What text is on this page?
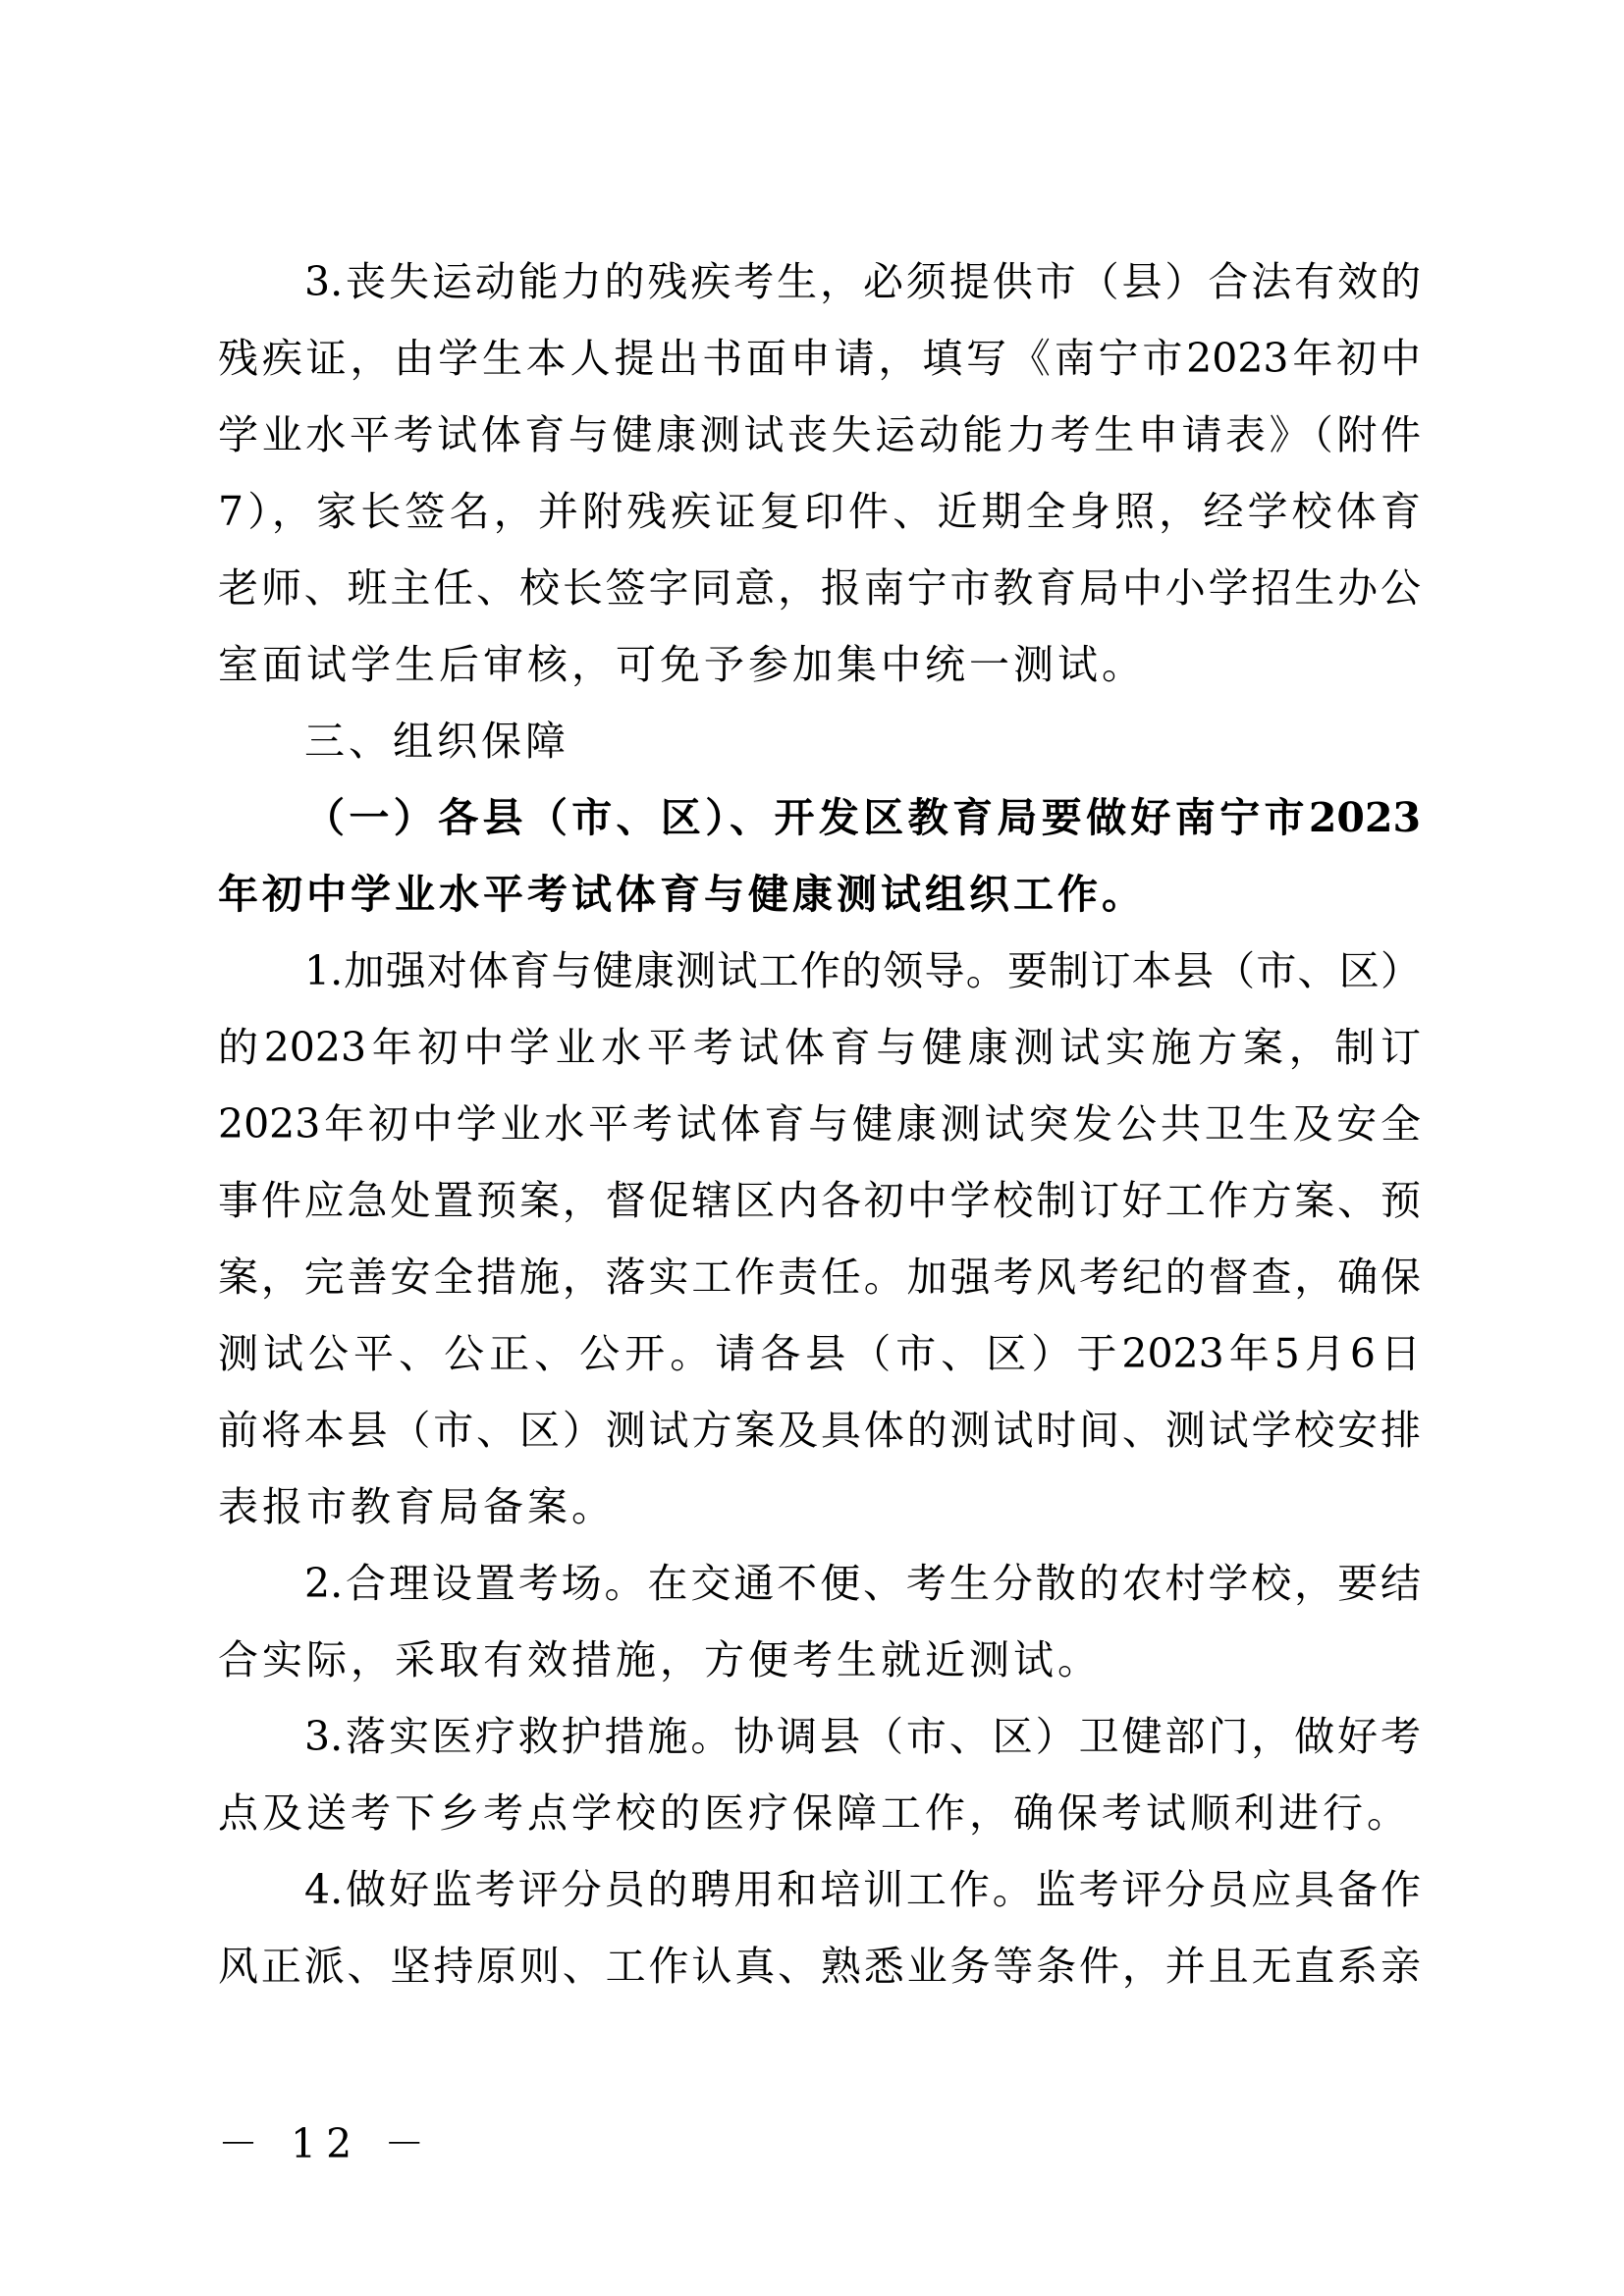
3.丧失运动能力的残疾考生，必须提供市（县）合法有效的
残疾证，由学生本人提出书面申请，填写《南宁市2023年初中
学业水平考试体育与健康测试丧失运动能力考生申请表》（附件
7），家长签名，并附残疾证复印件、近期全身照，经学校体育
老师、班主任、校长签字同意，报南宁市教育局中小学招生办公
室面试学生后审核，可免予参加集中统一测试。
三、组织保障
（一）各县（市、区）、开发区教育局要做好南宁市2023
年初中学业水平考试体育与健康测试组织工作。
1.加强对体育与健康测试工作的领导。要制订本县（市、区）
的2023年初中学业水平考试体育与健康测试实施方案，制订
2023年初中学业水平考试体育与健康测试突发公共卫生及安全
事件应急处置预案，督促辖区内各初中学校制订好工作方案、预
案，完善安全措施，落实工作责任。加强考风考纪的督查，确保
测试公平、公正、公开。请各县（市、区）于2023年5月6日
前将本县（市、区）测试方案及具体的测试时间、测试学校安排
表报市教育局备案。
2.合理设置考场。在交通不便、考生分散的农村学校，要结
合实际，采取有效措施，方便考生就近测试。
3.落实医疗救护措施。协调县（市、区）卫健部门，做好考
点及送考下乡考点学校的医疗保障工作，确保考试顺利进行。
4.做好监考评分员的聘用和培训工作。监考评分员应具备作
风正派、坚持原则、工作认真、熟悉业务等条件，并且无直系亲
－ 12 －
